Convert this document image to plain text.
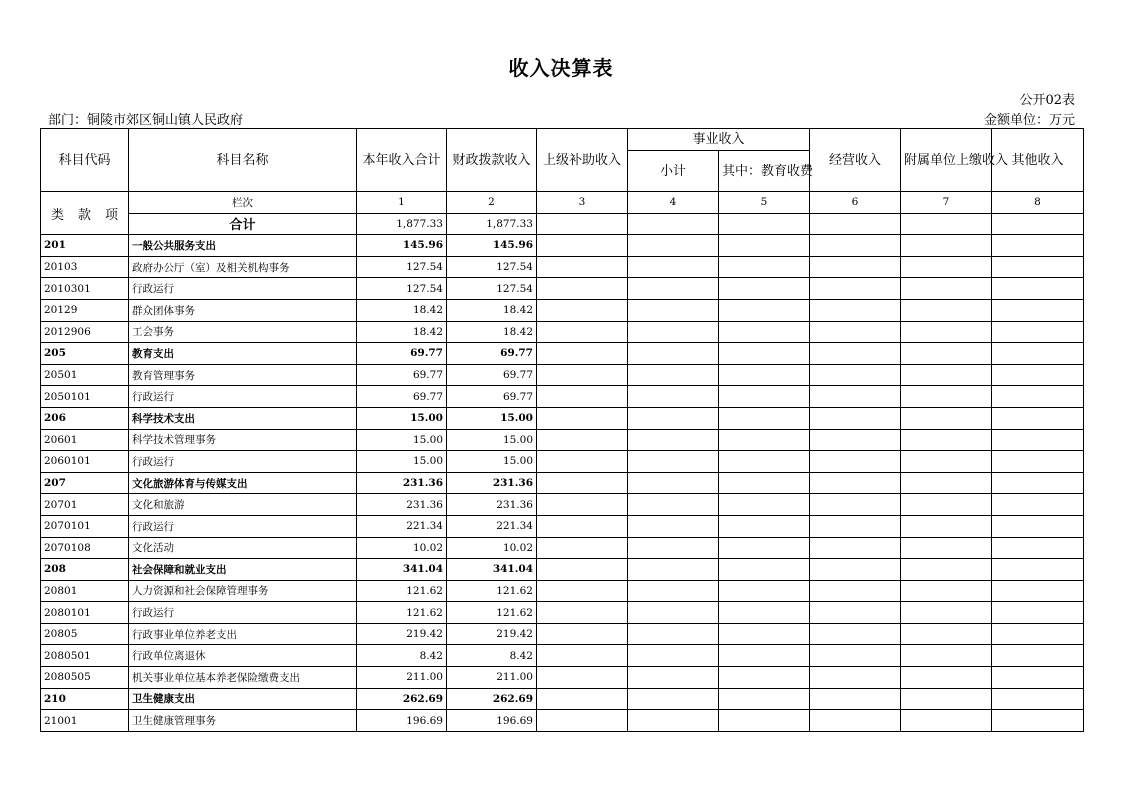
收入决算表
公开02表
部门：铜陵市郊区铜山镇人民政府	金额单位：万元
科目代码	科目名称	本年收入合计	财政拨款收入	上级补助收入	事业收入		经营收入	附属单位上缴收入	其他收入	
					小计	其中：教育收费				

类 款 项	栏次	1	2	3	4	5	6	7	8	
	合计	1,877.33	1,877.33							
201	一般公共服务支出	145.96	145.96							
20103	政府办公厅（室）及相关机构事务	127.54	127.54							
2010301	行政运行	127.54	127.54							
20129	群众团体事务	18.42	18.42							
2012906	工会事务	18.42	18.42							
205	教育支出	69.77	69.77							
20501	教育管理事务	69.77	69.77							
2050101	行政运行	69.77	69.77							
206	科学技术支出	15.00	15.00							
20601	科学技术管理事务	15.00	15.00							
2060101	行政运行	15.00	15.00							
207	文化旅游体育与传媒支出	231.36	231.36							
20701	文化和旅游	231.36	231.36							
2070101	行政运行	221.34	221.34							
2070108	文化活动	10.02	10.02							
208	社会保障和就业支出	341.04	341.04							
20801	人力资源和社会保障管理事务	121.62	121.62							
2080101	行政运行	121.62	121.62							
20805	行政事业单位养老支出	219.42	219.42							
2080501	行政单位离退休	8.42	8.42							
2080505	机关事业单位基本养老保险缴费支出	211.00	211.00							
210	卫生健康支出	262.69	262.69							
21001	卫生健康管理事务	196.69	196.69							
